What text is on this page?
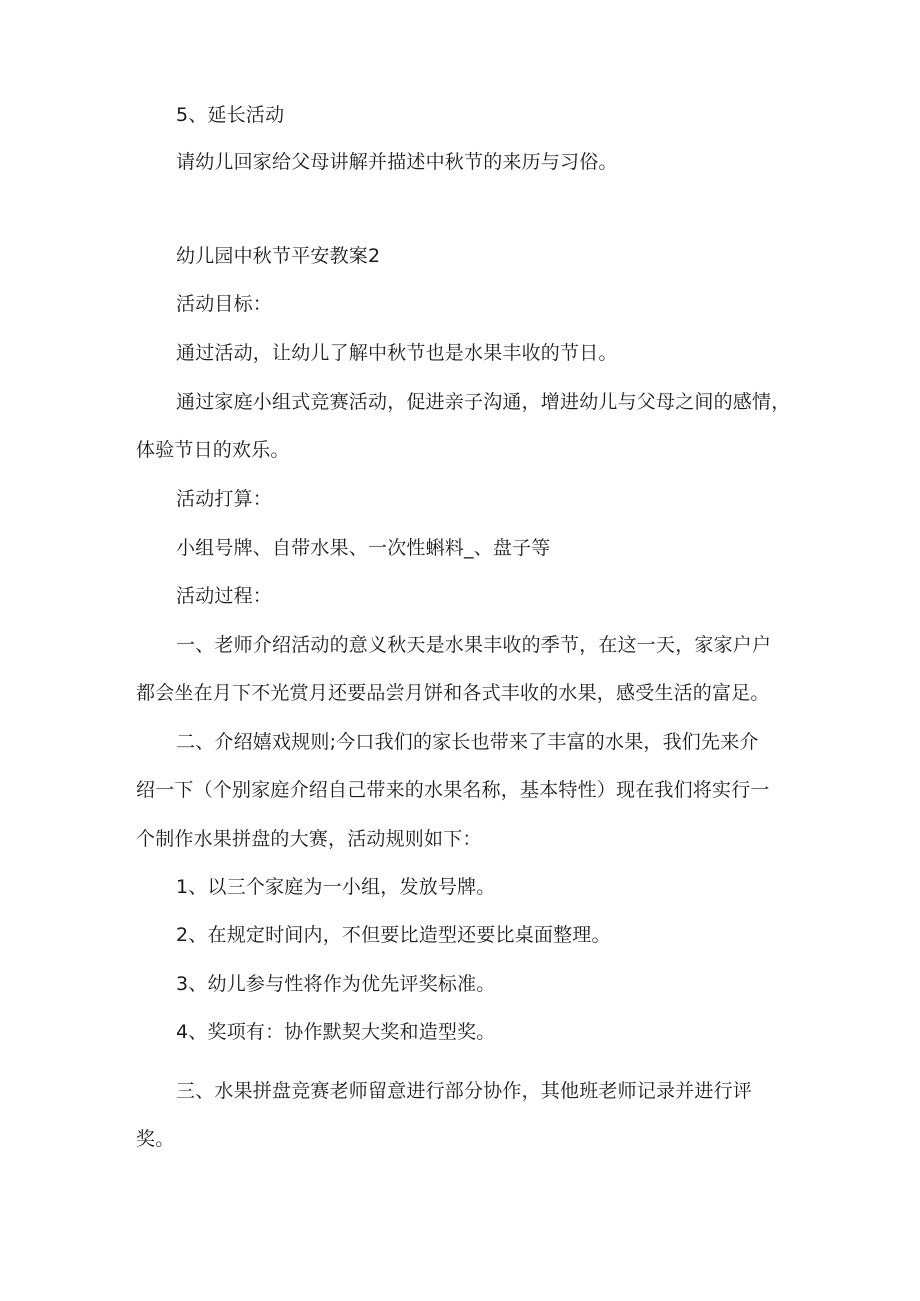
5、延长活动
请幼儿回家给父母讲解并描述中秋节的来历与习俗。
幼儿园中秋节平安教案2
活动目标：
通过活动，让幼儿了解中秋节也是水果丰收的节日。
通过家庭小组式竞赛活动，促进亲子沟通，增进幼儿与父母之间的感情，
体验节日的欢乐。
活动打算：
小组号牌、自带水果、一次性蝌料_、盘子等
活动过程：
一、老师介绍活动的意义秋天是水果丰收的季节，在这一天，家家户户
都会坐在月下不光赏月还要品尝月饼和各式丰收的水果，感受生活的富足。
二、介绍嬉戏规则;今口我们的家长也带来了丰富的水果，我们先来介
绍一下（个别家庭介绍自己带来的水果名称，基本特性）现在我们将实行一
个制作水果拼盘的大赛，活动规则如下：
1、以三个家庭为一小组，发放号牌。
2、在规定时间内，不但要比造型还要比桌面整理。
3、幼儿参与性将作为优先评奖标准。
4、奖项有：协作默契大奖和造型奖。
三、水果拼盘竞赛老师留意进行部分协作，其他班老师记录并进行评
奖。
